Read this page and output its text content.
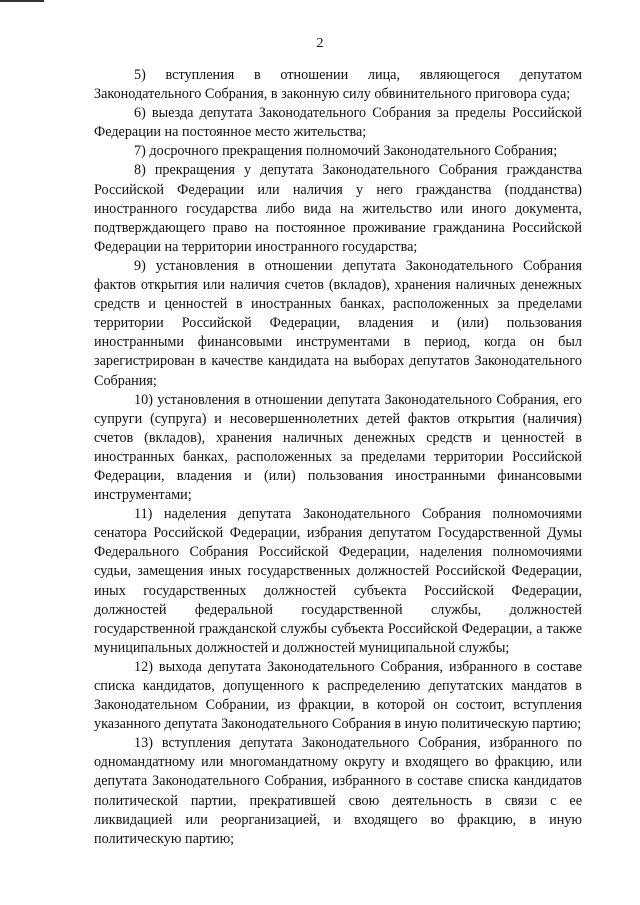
2

5) вступления в отношении лица, являющегося депутатом Законодательного Собрания, в законную силу обвинительного приговора суда;

6) выезда депутата Законодательного Собрания за пределы Российской Федерации на постоянное место жительства;

7) досрочного прекращения полномочий Законодательного Собрания;

8) прекращения у депутата Законодательного Собрания гражданства Российской Федерации или наличия у него гражданства (подданства) иностранного государства либо вида на жительство или иного документа, подтверждающего право на постоянное проживание гражданина Российской Федерации на территории иностранного государства;

9) установления в отношении депутата Законодательного Собрания фактов открытия или наличия счетов (вкладов), хранения наличных денежных средств и ценностей в иностранных банках, расположенных за пределами территории Российской Федерации, владения и (или) пользования иностранными финансовыми инструментами в период, когда он был зарегистрирован в качестве кандидата на выборах депутатов Законодательного Собрания;

10) установления в отношении депутата Законодательного Собрания, его супруги (супруга) и несовершеннолетних детей фактов открытия (наличия) счетов (вкладов), хранения наличных денежных средств и ценностей в иностранных банках, расположенных за пределами территории Российской Федерации, владения и (или) пользования иностранными финансовыми инструментами;

11) наделения депутата Законодательного Собрания полномочиями сенатора Российской Федерации, избрания депутатом Государственной Думы Федерального Собрания Российской Федерации, наделения полномочиями судьи, замещения иных государственных должностей Российской Федерации, иных государственных должностей субъекта Российской Федерации, должностей федеральной государственной службы, должностей государственной гражданской службы субъекта Российской Федерации, а также муниципальных должностей и должностей муниципальной службы;

12) выхода депутата Законодательного Собрания, избранного в составе списка кандидатов, допущенного к распределению депутатских мандатов в Законодательном Собрании, из фракции, в которой он состоит, вступления указанного депутата Законодательного Собрания в иную политическую партию;

13) вступления депутата Законодательного Собрания, избранного по одномандатному или многомандатному округу и входящего во фракцию, или депутата Законодательного Собрания, избранного в составе списка кандидатов политической партии, прекратившей свою деятельность в связи с ее ликвидацией или реорганизацией, и входящего во фракцию, в иную политическую партию;
